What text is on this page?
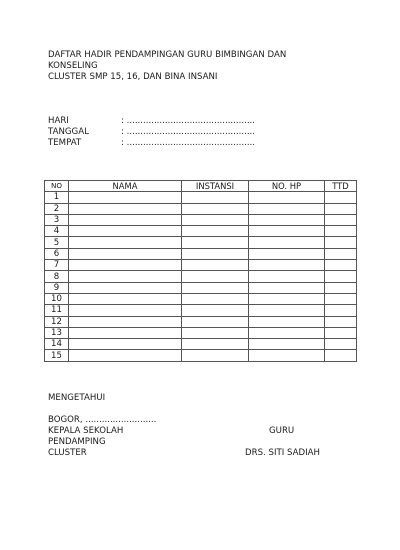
DAFTAR HADIR PENDAMPINGAN GURU BIMBINGAN DAN
KONSELING
CLUSTER SMP 15, 16, DAN BINA INSANI
HARI	: ...............................................
TANGGAL	: ...............................................
TEMPAT	: ...............................................
NO	NAMA	INSTANSI	NO. HP	TTD
1				
2				
3				
4				
5				
6				
7				
8				
9				
10				
11				
12				
13				
14				
15				
MENGETAHUI
BOGOR, ..........................
KEPALA SEKOLAH	GURU
PENDAMPING
CLUSTER	DRS. SITI SADIAH
